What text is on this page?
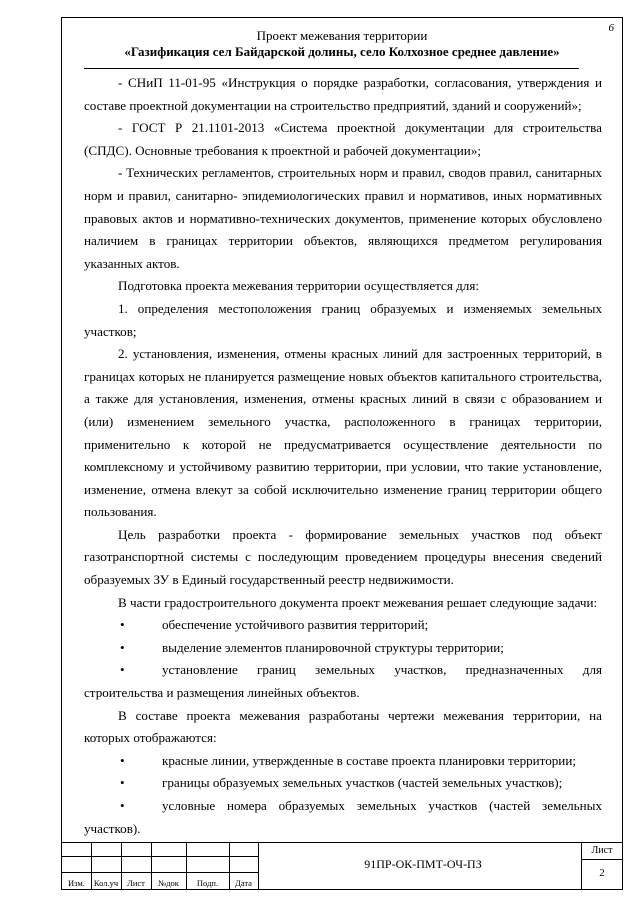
6
Проект межевания территории
«Газификация сел Байдарской долины, село Колхозное среднее давление»

- СНиП 11-01-95 «Инструкция о порядке разработки, согласования, утверждения и составе проектной документации на строительство предприятий, зданий и сооружений»;

- ГОСТ Р 21.1101-2013 «Система проектной документации для строительства (СПДС). Основные требования к проектной и рабочей документации»;

- Технических регламентов, строительных норм и правил, сводов правил, санитарных норм и правил, санитарно- эпидемиологических правил и нормативов, иных нормативных правовых актов и нормативно-технических документов, применение которых обусловлено наличием в границах территории объектов, являющихся предметом регулирования указанных актов.

Подготовка проекта межевания территории осуществляется для:

1. определения местоположения границ образуемых и изменяемых земельных участков;

2. установления, изменения, отмены красных линий для застроенных территорий, в границах которых не планируется размещение новых объектов капитального строительства, а также для установления, изменения, отмены красных линий в связи с образованием и (или) изменением земельного участка, расположенного в границах территории, применительно к которой не предусматривается осуществление деятельности по комплексному и устойчивому развитию территории, при условии, что такие установление, изменение, отмена влекут за собой исключительно изменение границ территории общего пользования.

Цель разработки проекта - формирование земельных участков под объект газотранспортной системы с последующим проведением процедуры внесения сведений образуемых ЗУ в Единый государственный реестр недвижимости.

В части градостроительного документа проект межевания решает следующие задачи:

•	обеспечение устойчивого развития территорий;

•	выделение элементов планировочной структуры территории;

•	установление границ земельных участков, предназначенных для строительства и размещения линейных объектов.

В составе проекта межевания разработаны чертежи межевания территории, на которых отображаются:

•	красные линии, утвержденные в составе проекта планировки территории;

•	границы образуемых земельных участков (частей земельных участков);

•	условные номера образуемых земельных участков (частей земельных участков).

Изм.	Кол.уч	Лист	№док	Подп.	Дата
91ПР-ОК-ПМТ-ОЧ-ПЗ
Лист
2
